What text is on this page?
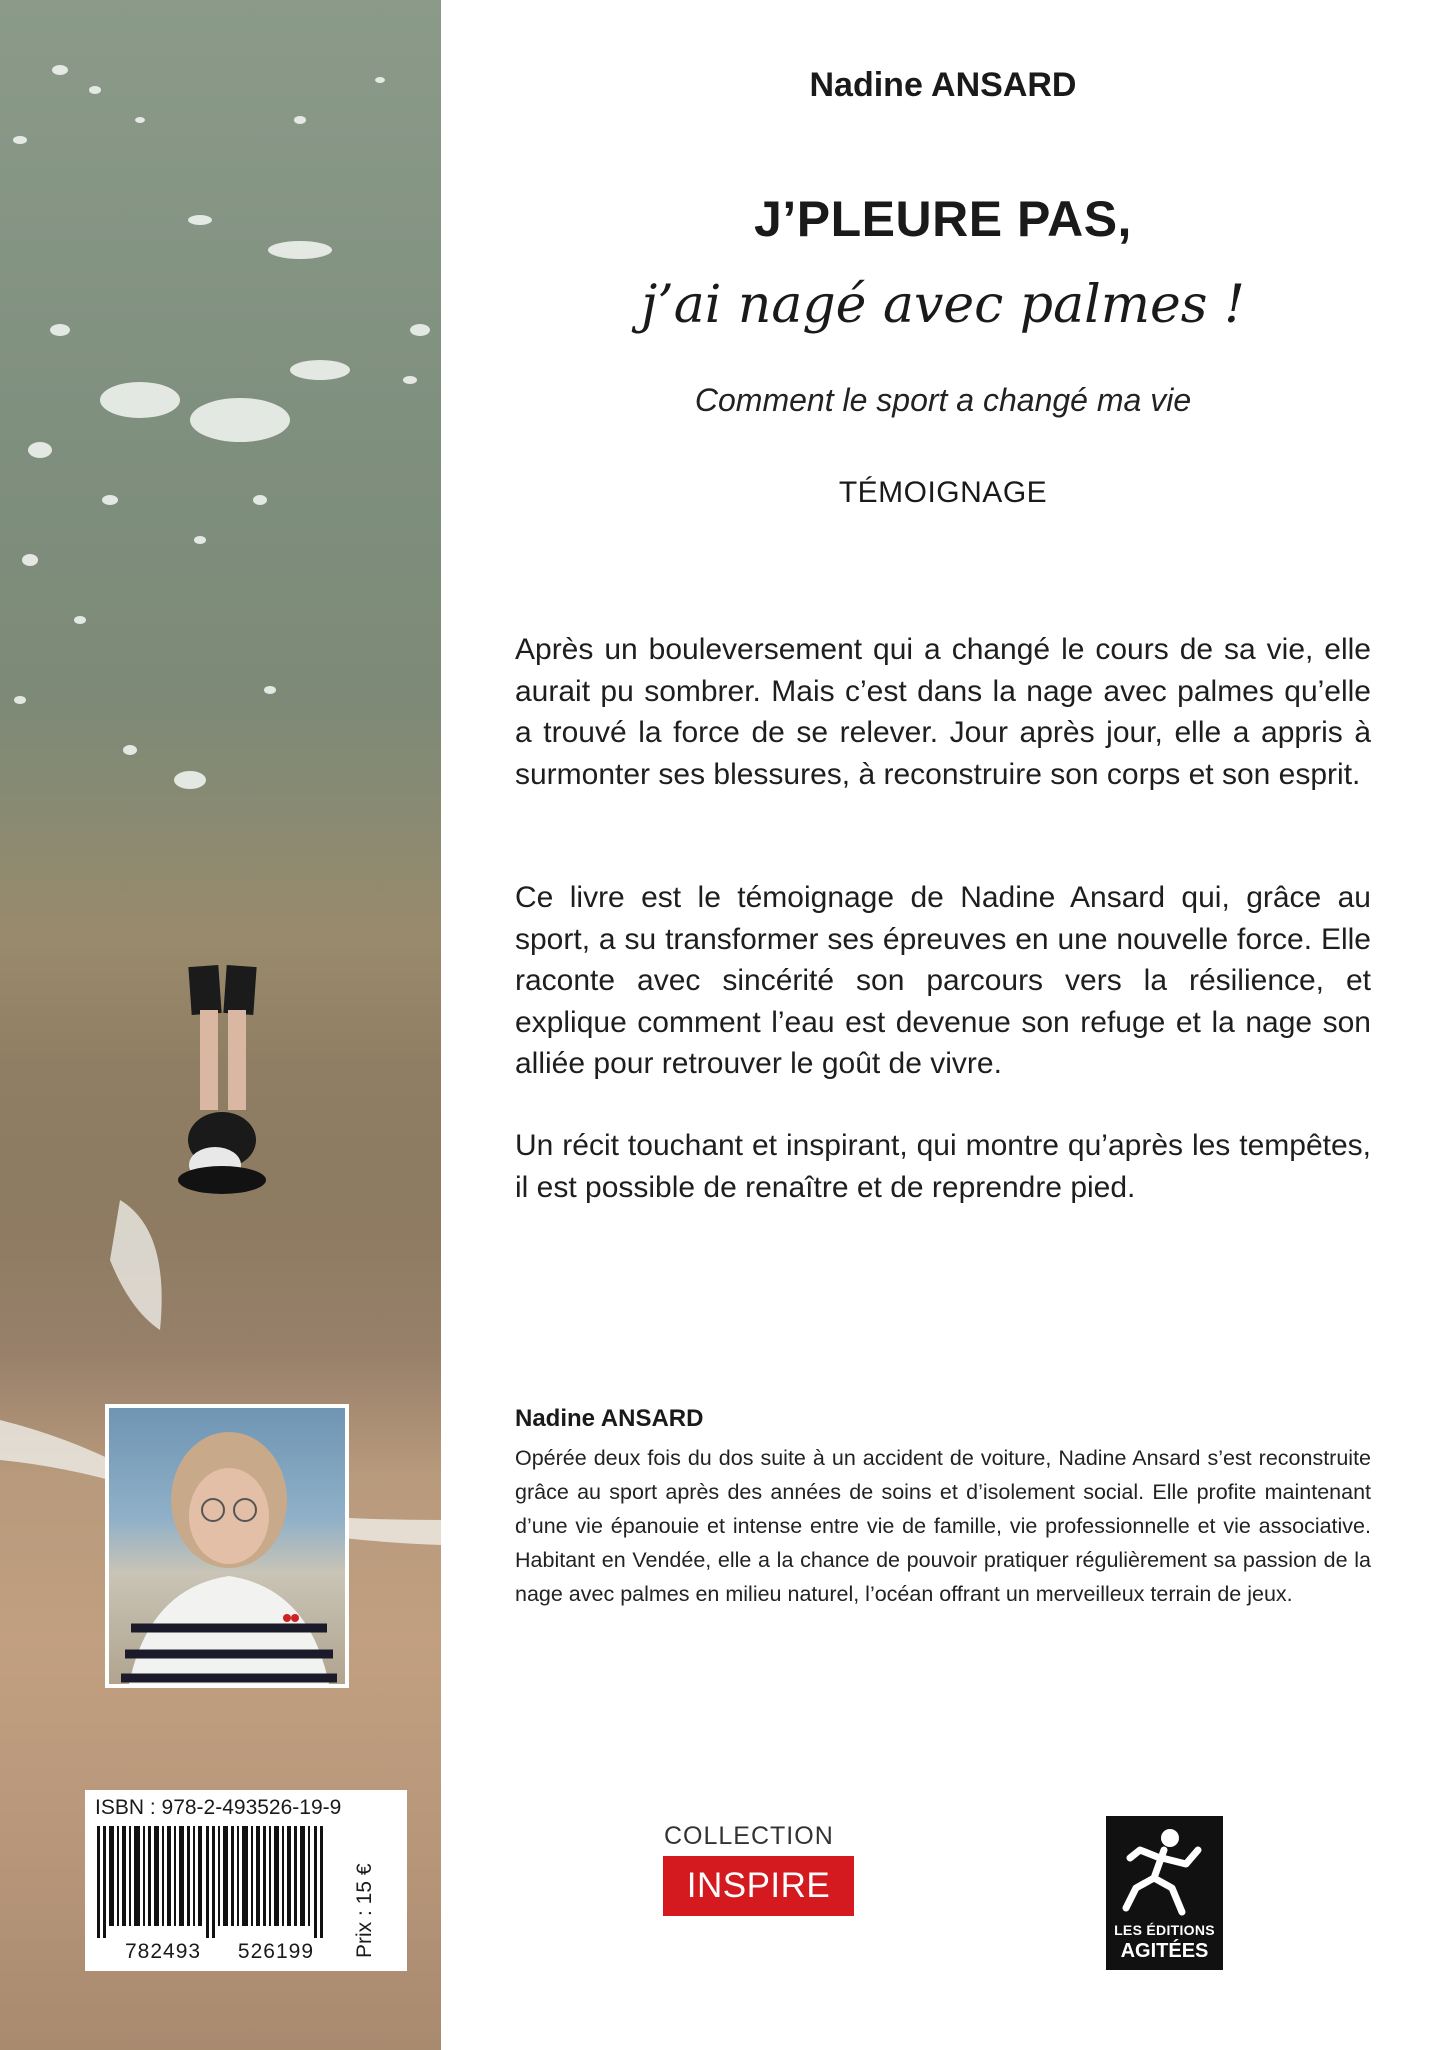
ISBN : 978-2-493526-19-9
782493 526199 Prix : 15 €
Nadine ANSARD
J’PLEURE PAS,
j’ai nagé avec palmes !
Comment le sport a changé ma vie
TÉMOIGNAGE

Après un bouleversement qui a changé le cours de sa vie, elle aurait pu sombrer. Mais c’est dans la nage avec palmes qu’elle a trouvé la force de se relever. Jour après jour, elle a appris à surmonter ses blessures, à reconstruire son corps et son esprit.

Ce livre est le témoignage de Nadine Ansard qui, grâce au sport, a su transformer ses épreuves en une nouvelle force. Elle raconte avec sincérité son parcours vers la résilience, et explique comment l’eau est devenue son refuge et la nage son alliée pour retrouver le goût de vivre.

Un récit touchant et inspirant, qui montre qu’après les tempêtes, il est possible de renaître et de reprendre pied.

Nadine ANSARD

Opérée deux fois du dos suite à un accident de voiture, Nadine Ansard s’est reconstruite grâce au sport après des années de soins et d’isolement social. Elle profite maintenant d’une vie épanouie et intense entre vie de famille, vie professionnelle et vie associative. Habitant en Vendée, elle a la chance de pouvoir pratiquer régulièrement sa passion de la nage avec palmes en milieu naturel, l’océan offrant un merveilleux terrain de jeux.

COLLECTION
INSPIRE
LES ÉDITIONS
AGITÉES
